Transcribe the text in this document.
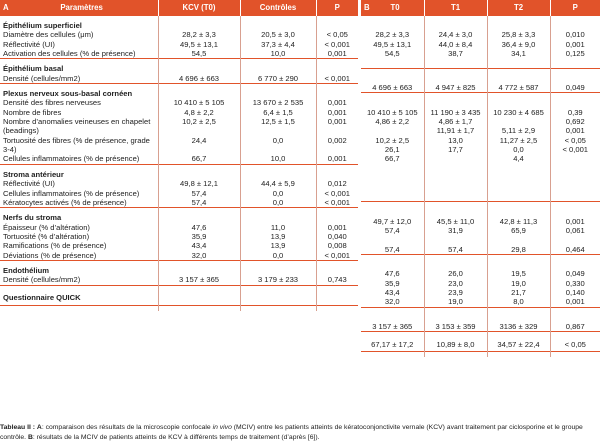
A Paramètres	KCV (T0)	Contrôles	P

Épithélium superficiel			
Diamètre des cellules (μm)	28,2 ± 3,3	20,5 ± 3,0	< 0,05
Réflectivité (UI)	49,5 ± 13,1	37,3 ± 4,4	< 0,001
Activation des cellules (% de présence)	54,5	10,0	0,001

Épithélium basal			
Densité (cellules/mm2)	4 696 ± 663	6 770 ± 290	< 0,001

Plexus nerveux sous-basal cornéen			
Densité des fibres nerveuses	10 410 ± 5 105	13 670 ± 2 535	0,001
Nombre de fibres	4,8 ± 2,2	6,4 ± 1,5	0,001
Nombre d’anomalies veineuses en chapelet (beadings)	10,2 ± 2,5	12,5 ± 1,5	0,001
Tortuosité des fibres (% de présence, grade 3-4)	24,4	0,0	0,002
Cellules inflammatoires (% de présence)	66,7	10,0	0,001

Stroma antérieur			
Réflectivité (UI)	49,8 ± 12,1	44,4 ± 5,9	0,012
Cellules inflammatoires (% de présence)	57,4	0,0	< 0,001
Kératocytes activés (% de présence)	57,4	0,0	< 0,001

Nerfs du stroma			
Épaisseur (% d’altération)	47,6	11,0	0,001
Tortuosité (% d’altération)	35,9	13,9	0,040
Ramifications (% de présence)	43,4	13,9	0,008
Déviations (% de présence)	32,0	0,0	< 0,001

Endothélium			
Densité (cellules/mm2)	3 157 ± 365	3 179 ± 233	0,743

Questionnaire QUICK			

B T0	T1	T2	P

28,2 ± 3,3	24,4 ± 3,0	25,8 ± 3,3	0,010
49,5 ± 13,1	44,0 ± 8,4	36,4 ± 9,0	0,001
54,5	38,7	34,1	0,125

4 696 ± 663	4 947 ± 825	4 772 ± 587	0,049

10 410 ± 5 105	11 190 ± 3 435	10 230 ± 4 685	0,39
4,86 ± 2,2	4,86 ± 1,7		0,692
	11,91 ± 1,7	5,11 ± 2,9	0,001
10,2 ± 2,5	13,0	11,27 ± 2,5	< 0,05
26,1	17,7	0,0	< 0,001
66,7		4,4	

49,7 ± 12,0	45,5 ± 11,0	42,8 ± 11,3	0,001
57,4	31,9	65,9	0,061

57,4	57,4	29,8	0,464

47,6	26,0	19,5	0,049
35,9	23,0	19,0	0,330
43,4	23,9	21,7	0,140
32,0	19,0	8,0	0,001

3 157 ± 365	3 153 ± 359	3136 ± 329	0,867

67,17 ± 17,2	10,89 ± 8,0	34,57 ± 22,4	< 0,05

Tableau II : A: comparaison des résultats de la microscopie confocale in vivo (MCIV) entre les patients atteints de kératoconjonctivite vernale (KCV) avant traitement par ciclosporine et le groupe contrôle. B: résultats de la MCIV de patients atteints de KCV à différents temps de traitement (d’après [6]).
